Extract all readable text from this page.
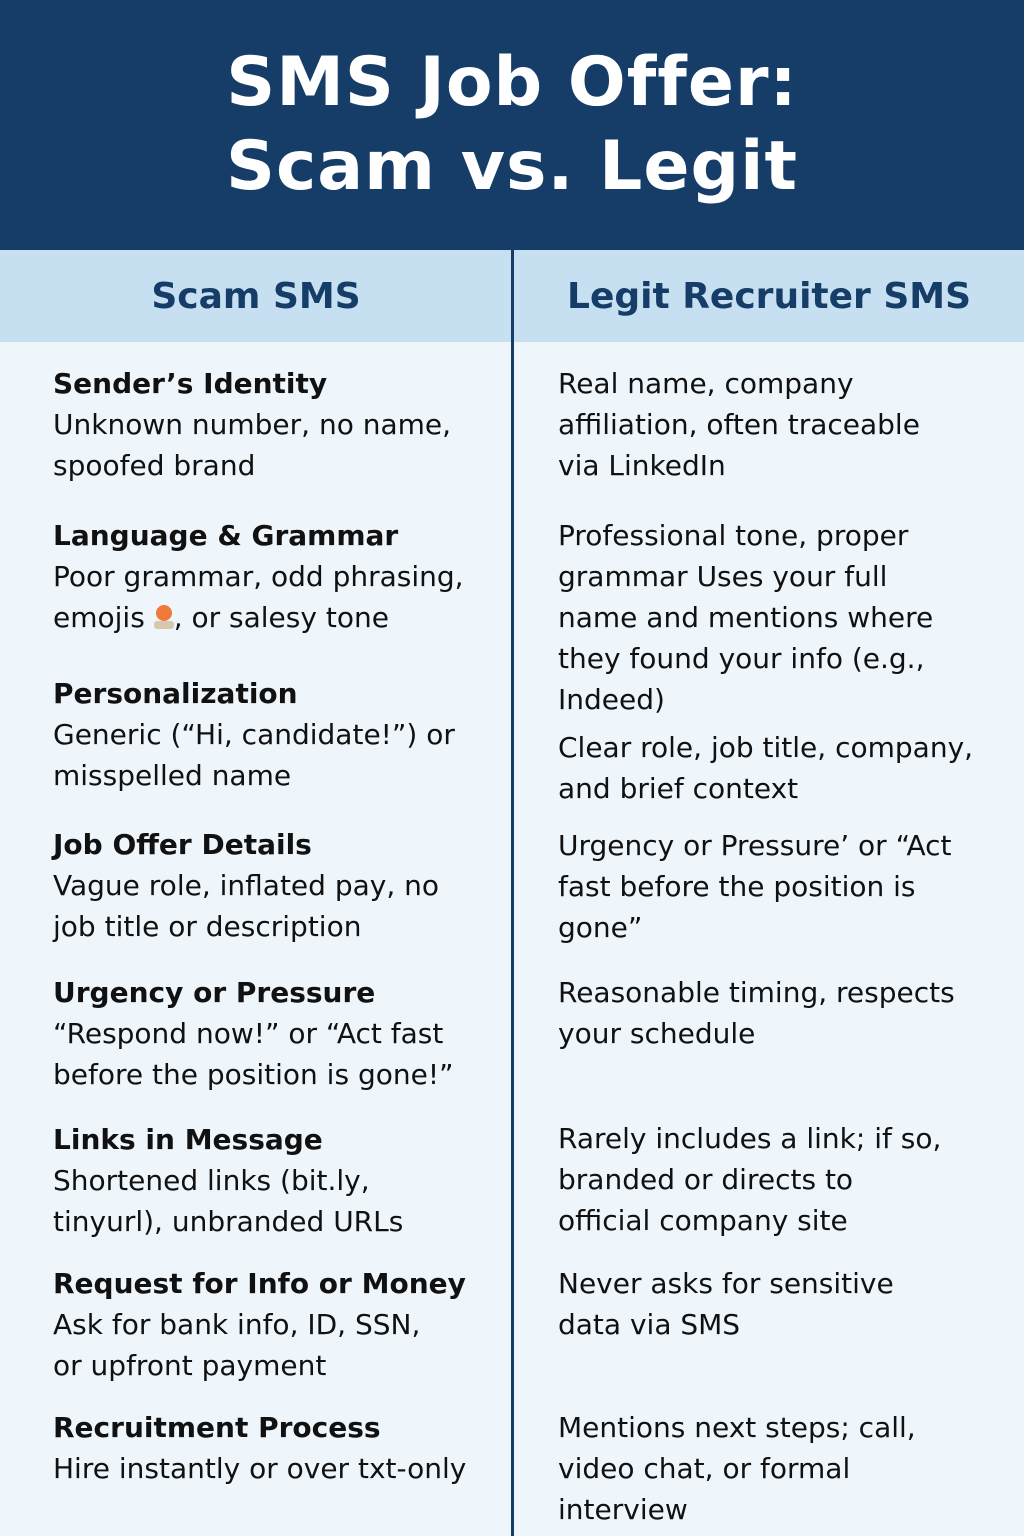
SMS Job Offer:
Scam vs. Legit
Scam SMS	Legit Recruiter SMS
Sender’s Identity
Unknown number, no name,
spoofed brand
Language & Grammar
Poor grammar, odd phrasing,
emojis , or salesy tone
Personalization
Generic (“Hi, candidate!”) or
misspelled name
Job Offer Details
Vague role, inflated pay, no
job title or description
Urgency or Pressure
“Respond now!” or “Act fast
before the position is gone!”
Links in Message
Shortened links (bit.ly,
tinyurl), unbranded URLs
Request for Info or Money
Ask for bank info, ID, SSN,
or upfront payment
Recruitment Process
Hire instantly or over txt-only
Real name, company
affiliation, often traceable
via LinkedIn
Professional tone, proper
grammar Uses your full
name and mentions where
they found your info (e.g.,
Indeed)
Clear role, job title, company,
and brief context
Urgency or Pressure’ or “Act
fast before the position is
gone”
Reasonable timing, respects
your schedule
Rarely includes a link; if so,
branded or directs to
official company site
Never asks for sensitive
data via SMS
Mentions next steps; call,
video chat, or formal
interview
